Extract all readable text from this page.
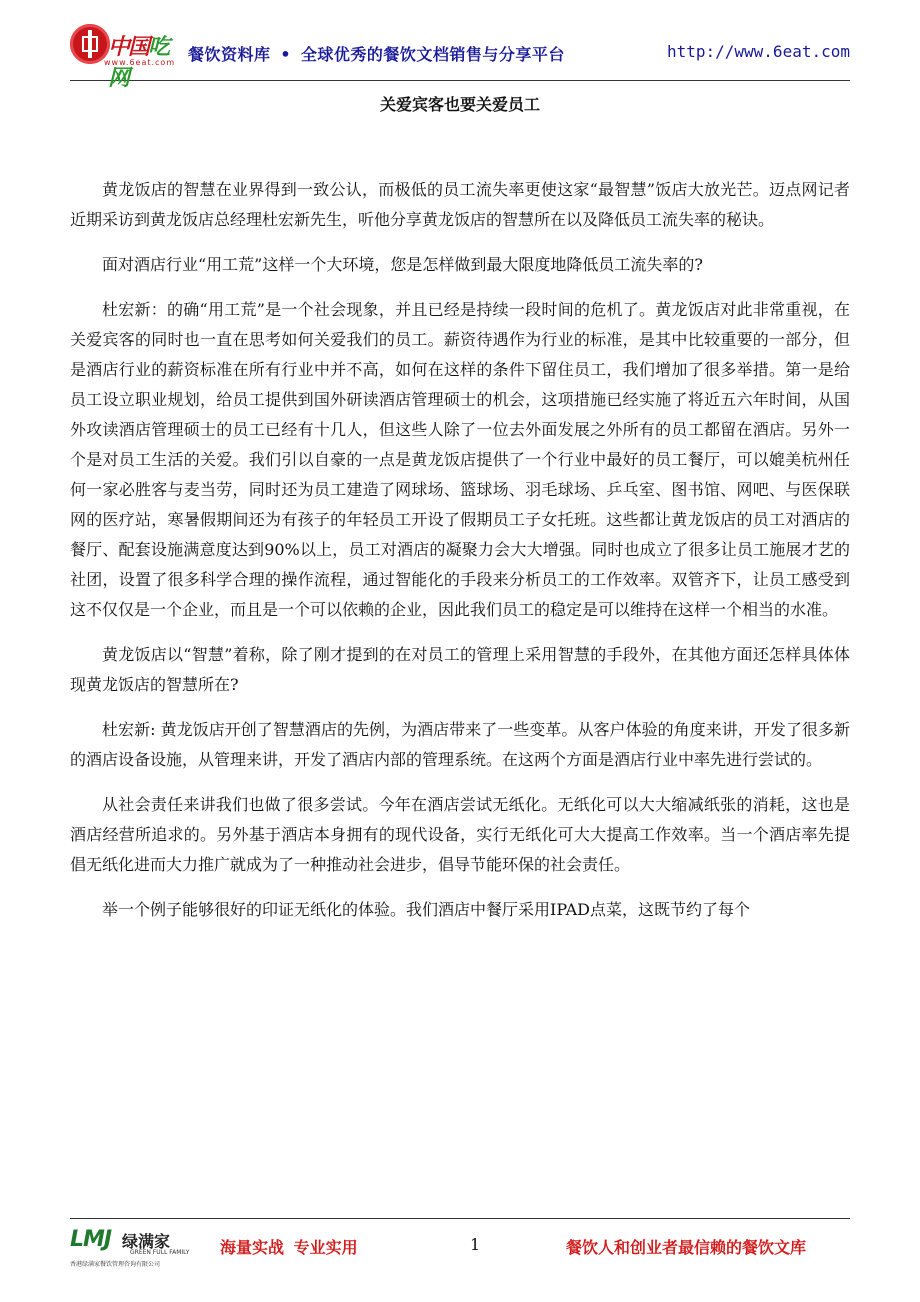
中国吃网
www.6eat.com 餐饮资料库 • 全球优秀的餐饮文档销售与分享平台	http://www.6eat.com
关爱宾客也要关爱员工

黄龙饭店的智慧在业界得到一致公认，而极低的员工流失率更使这家“最智慧”饭店大放光芒。迈点网记者近期采访到黄龙饭店总经理杜宏新先生，听他分享黄龙饭店的智慧所在以及降低员工流失率的秘诀。

面对酒店行业“用工荒”这样一个大环境，您是怎样做到最大限度地降低员工流失率的?

杜宏新：的确“用工荒”是一个社会现象，并且已经是持续一段时间的危机了。黄龙饭店对此非常重视，在关爱宾客的同时也一直在思考如何关爱我们的员工。薪资待遇作为行业的标准，是其中比较重要的一部分，但是酒店行业的薪资标准在所有行业中并不高，如何在这样的条件下留住员工，我们增加了很多举措。第一是给员工设立职业规划，给员工提供到国外研读酒店管理硕士的机会，这项措施已经实施了将近五六年时间，从国外攻读酒店管理硕士的员工已经有十几人，但这些人除了一位去外面发展之外所有的员工都留在酒店。另外一个是对员工生活的关爱。我们引以自豪的一点是黄龙饭店提供了一个行业中最好的员工餐厅，可以媲美杭州任何一家必胜客与麦当劳，同时还为员工建造了网球场、篮球场、羽毛球场、乒乓室、图书馆、网吧、与医保联网的医疗站，寒暑假期间还为有孩子的年轻员工开设了假期员工子女托班。这些都让黄龙饭店的员工对酒店的餐厅、配套设施满意度达到90%以上，员工对酒店的凝聚力会大大增强。同时也成立了很多让员工施展才艺的社团，设置了很多科学合理的操作流程，通过智能化的手段来分析员工的工作效率。双管齐下，让员工感受到这不仅仅是一个企业，而且是一个可以依赖的企业，因此我们员工的稳定是可以维持在这样一个相当的水准。

黄龙饭店以“智慧”着称，除了刚才提到的在对员工的管理上采用智慧的手段外，在其他方面还怎样具体体现黄龙饭店的智慧所在?

杜宏新: 黄龙饭店开创了智慧酒店的先例，为酒店带来了一些变革。从客户体验的角度来讲，开发了很多新的酒店设备设施，从管理来讲，开发了酒店内部的管理系统。在这两个方面是酒店行业中率先进行尝试的。

从社会责任来讲我们也做了很多尝试。今年在酒店尝试无纸化。无纸化可以大大缩减纸张的消耗，这也是酒店经营所追求的。另外基于酒店本身拥有的现代设备，实行无纸化可大大提高工作效率。当一个酒店率先提倡无纸化进而大力推广就成为了一种推动社会进步，倡导节能环保的社会责任。

举一个例子能够很好的印证无纸化的体验。我们酒店中餐厅采用IPAD点菜，这既节约了每个

LMJ 绿满家
GREEN FULL FAMILY
香港绿满家餐饮管理咨询有限公司
海量实战 专业实用	1	餐饮人和创业者最信赖的餐饮文库
